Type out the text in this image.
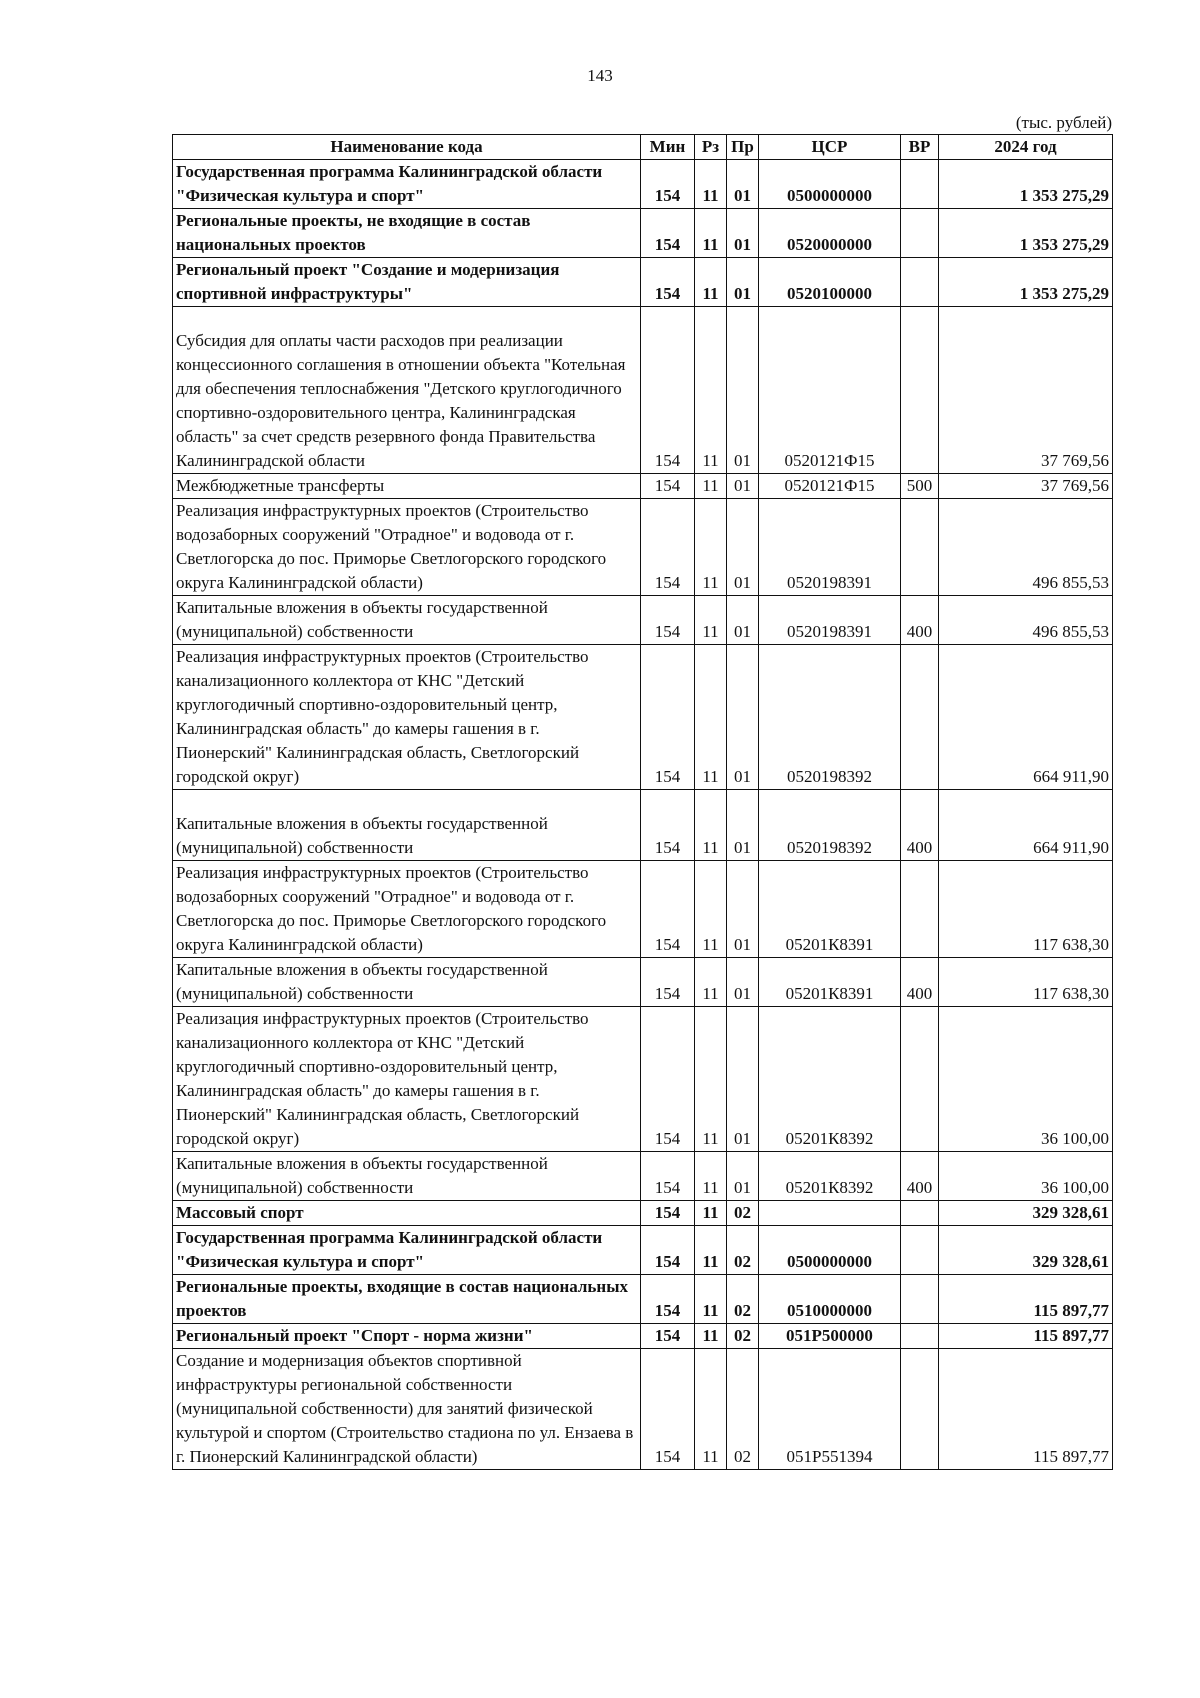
143
(тыс. рублей)
Наименование кода	Мин	Рз	Пр	ЦСР	ВР	2024 год
Государственная программа Калининградской области "Физическая культура и спорт"	154	11	01	0500000000		1 353 275,29
Региональные проекты, не входящие в состав национальных проектов	154	11	01	0520000000		1 353 275,29
Региональный проект "Создание и модернизация спортивной инфраструктуры"	154	11	01	0520100000		1 353 275,29
Субсидия для оплаты части расходов при реализации концессионного соглашения в отношении объекта "Котельная для обеспечения теплоснабжения "Детского круглогодичного спортивно-оздоровительного центра, Калининградская область" за счет средств резервного фонда Правительства Калининградской области	154	11	01	0520121Ф15		37 769,56
Межбюджетные трансферты	154	11	01	0520121Ф15	500	37 769,56
Реализация инфраструктурных проектов (Строительство водозаборных сооружений "Отрадное" и водовода от г. Светлогорска до пос. Приморье Светлогорского городского округа Калининградской области)	154	11	01	0520198391		496 855,53
Капитальные вложения в объекты государственной (муниципальной) собственности	154	11	01	0520198391	400	496 855,53
Реализация инфраструктурных проектов (Строительство канализационного коллектора от КНС "Детский круглогодичный спортивно-оздоровительный центр, Калининградская область" до камеры гашения в г. Пионерский" Калининградская область, Светлогорский городской округ)	154	11	01	0520198392		664 911,90
Капитальные вложения в объекты государственной (муниципальной) собственности	154	11	01	0520198392	400	664 911,90
Реализация инфраструктурных проектов (Строительство водозаборных сооружений "Отрадное" и водовода от г. Светлогорска до пос. Приморье Светлогорского городского округа Калининградской области)	154	11	01	05201К8391		117 638,30
Капитальные вложения в объекты государственной (муниципальной) собственности	154	11	01	05201К8391	400	117 638,30
Реализация инфраструктурных проектов (Строительство канализационного коллектора от КНС "Детский круглогодичный спортивно-оздоровительный центр, Калининградская область" до камеры гашения в г. Пионерский" Калининградская область, Светлогорский городской округ)	154	11	01	05201К8392		36 100,00
Капитальные вложения в объекты государственной (муниципальной) собственности	154	11	01	05201К8392	400	36 100,00
Массовый спорт	154	11	02			329 328,61
Государственная программа Калининградской области "Физическая культура и спорт"	154	11	02	0500000000		329 328,61
Региональные проекты, входящие в состав национальных проектов	154	11	02	0510000000		115 897,77
Региональный проект "Спорт - норма жизни"	154	11	02	051P500000		115 897,77
Создание и модернизация объектов спортивной инфраструктуры региональной собственности (муниципальной собственности) для занятий физической культурой и спортом (Строительство стадиона по ул. Ензаева в г. Пионерский Калининградской области)	154	11	02	051P551394		115 897,77
